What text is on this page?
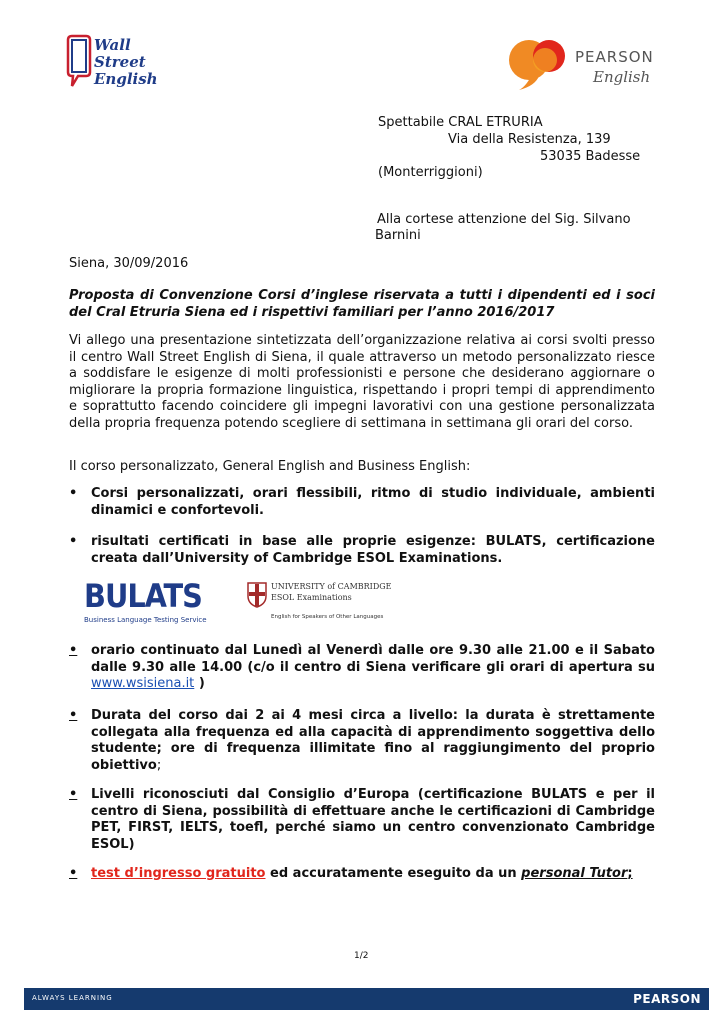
Wall
Street
English
PEARSON
English
Spettabile CRAL ETRURIA
Via della Resistenza, 139
53035 Badesse
(Monterriggioni)
Alla cortese attenzione del Sig. Silvano
Barnini
Siena, 30/09/2016
Proposta di Convenzione Corsi d’inglese riservata a tutti i dipendenti ed i soci del Cral Etruria Siena ed i rispettivi familiari per l’anno 2016/2017
Vi allego una presentazione sintetizzata dell’organizzazione relativa ai corsi svolti presso il centro Wall Street English di Siena, il quale attraverso un metodo personalizzato riesce a soddisfare le esigenze di molti professionisti e persone che desiderano aggiornare o migliorare la propria formazione linguistica, rispettando i propri tempi di apprendimento e soprattutto facendo coincidere gli impegni lavorativi con una gestione personalizzata della propria frequenza potendo scegliere di settimana in settimana gli orari del corso.
Il corso personalizzato, General English and Business English:
•	Corsi personalizzati, orari flessibili, ritmo di studio individuale, ambienti dinamici e confortevoli.
•	risultati certificati in base alle proprie esigenze: BULATS, certificazione creata dall’University of Cambridge ESOL Examinations.
BULATS
Business Language Testing Service
UNIVERSITY of CAMBRIDGE
ESOL Examinations
English for Speakers of Other Languages
•	orario continuato dal Lunedì al Venerdì dalle ore 9.30 alle 21.00 e il Sabato dalle 9.30 alle 14.00 (c/o il centro di Siena verificare gli orari di apertura su www.wsisiena.it )
•	Durata del corso dai 2 ai 4 mesi circa a livello: la durata è strettamente collegata alla frequenza ed alla capacità di apprendimento soggettiva dello studente; ore di frequenza illimitate fino al raggiungimento del proprio obiettivo;
•	Livelli riconosciuti dal Consiglio d’Europa (certificazione BULATS e per il centro di Siena, possibilità di effettuare anche le certificazioni di Cambridge PET, FIRST, IELTS, toefl, perché siamo un centro convenzionato Cambridge ESOL)
•	test d’ingresso gratuito ed accuratamente eseguito da un personal Tutor;
1/2
ALWAYS LEARNING	PEARSON
